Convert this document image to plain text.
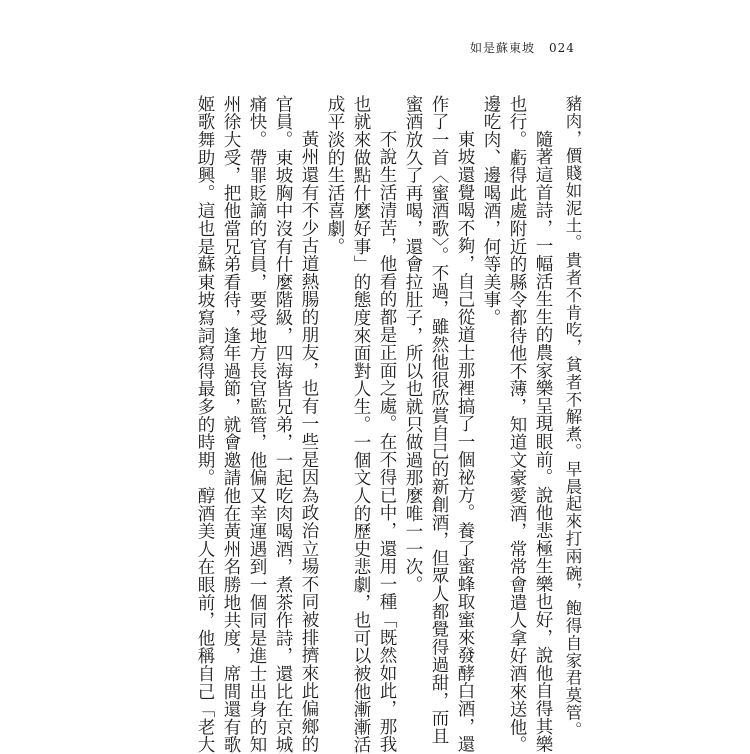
如是蘇東坡 024
豬肉，價賤如泥土。貴者不肯吃，貧者不解煮。早晨起來打兩碗，飽得自家君莫管。
隨著這首詩，一幅活生生的農家樂呈現眼前。說他悲極生樂也好，說他自得其樂
也行。虧得此處附近的縣令都待他不薄，知道文豪愛酒，常常會遣人拿好酒來送他。
邊吃肉、邊喝酒，何等美事。
東坡還覺喝不夠，自己從道士那裡搞了一個祕方。養了蜜蜂取蜜來發酵白酒，還
作了一首〈蜜酒歌〉。不過，雖然他很欣賞自己的新創酒，但眾人都覺得過甜，而且
蜜酒放久了再喝，還會拉肚子，所以也就只做過那麼唯一一次。
不說生活清苦，他看的都是正面之處。在不得已中，還用一種「既然如此，那我
也就來做點什麼好事」的態度來面對人生。一個文人的歷史悲劇，也可以被他漸漸活
成平淡的生活喜劇。
黃州還有不少古道熱腸的朋友，也有一些是因為政治立場不同被排擠來此偏鄉的
官員。東坡胸中沒有什麼階級，四海皆兄弟，一起吃肉喝酒，煮茶作詩，還比在京城
痛快。帶罪貶謫的官員，要受地方長官監管，他偏又幸運遇到一個同是進士出身的知
州徐大受，把他當兄弟看待，逢年過節，就會邀請他在黃州名勝地共度，席間還有歌
姬歌舞助興。這也是蘇東坡寫詞寫得最多的時期。醇酒美人在眼前，他稱自己「老大
